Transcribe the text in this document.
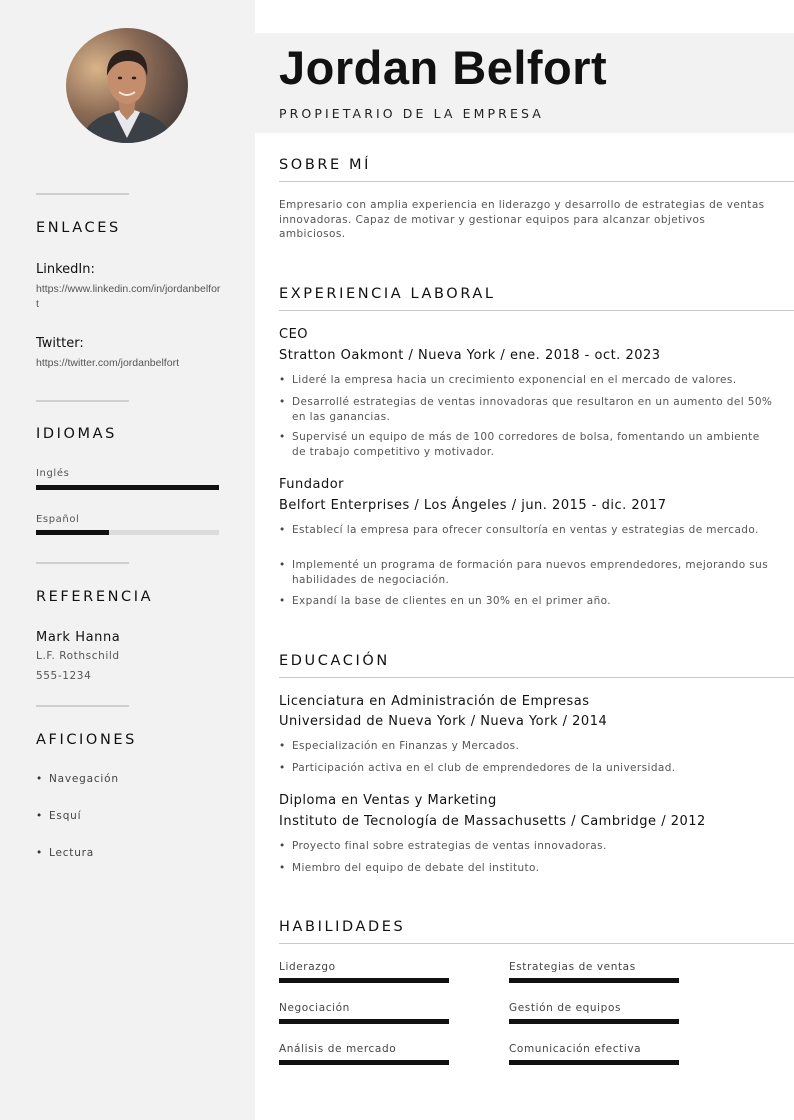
ENLACES
LinkedIn:
https://www.linkedin.com/in/jordanbelfort
Twitter:
https://twitter.com/jordanbelfort
IDIOMAS
Inglés
Español
REFERENCIA
Mark Hanna
L.F. Rothschild
555-1234
AFICIONES
• Navegación
• Esquí
• Lectura
Jordan Belfort
PROPIETARIO DE LA EMPRESA
SOBRE MÍ
Empresario con amplia experiencia en liderazgo y desarrollo de estrategias de ventas innovadoras. Capaz de motivar y gestionar equipos para alcanzar objetivos ambiciosos.
EXPERIENCIA LABORAL
CEO
Stratton Oakmont / Nueva York / ene. 2018 - oct. 2023
• Lideré la empresa hacia un crecimiento exponencial en el mercado de valores.
• Desarrollé estrategias de ventas innovadoras que resultaron en un aumento del 50% en las ganancias.
• Supervisé un equipo de más de 100 corredores de bolsa, fomentando un ambiente de trabajo competitivo y motivador.
Fundador
Belfort Enterprises / Los Ángeles / jun. 2015 - dic. 2017
• Establecí la empresa para ofrecer consultoría en ventas y estrategias de mercado.
• Implementé un programa de formación para nuevos emprendedores, mejorando sus habilidades de negociación.
• Expandí la base de clientes en un 30% en el primer año.
EDUCACIÓN
Licenciatura en Administración de Empresas
Universidad de Nueva York / Nueva York / 2014
• Especialización en Finanzas y Mercados.
• Participación activa en el club de emprendedores de la universidad.
Diploma en Ventas y Marketing
Instituto de Tecnología de Massachusetts / Cambridge / 2012
• Proyecto final sobre estrategias de ventas innovadoras.
• Miembro del equipo de debate del instituto.
HABILIDADES
Liderazgo	Estrategias de ventas
Negociación	Gestión de equipos
Análisis de mercado	Comunicación efectiva
